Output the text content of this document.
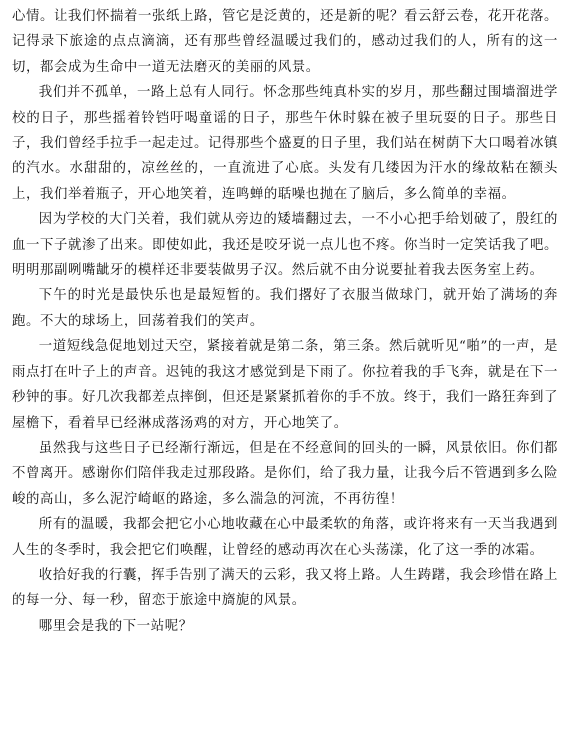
心情。让我们怀揣着一张纸上路，管它是泛黄的，还是新的呢？看云舒云卷，花开花落。记得录下旅途的点点滴滴，还有那些曾经温暖过我们的，感动过我们的人，所有的这一切，都会成为生命中一道无法磨灭的美丽的风景。

我们并不孤单，一路上总有人同行。怀念那些纯真朴实的岁月，那些翻过围墙溜进学校的日子，那些摇着铃铛吁喝童谣的日子，那些午休时躲在被子里玩耍的日子。那些日子，我们曾经手拉手一起走过。记得那些个盛夏的日子里，我们站在树荫下大口喝着冰镇的汽水。水甜甜的，凉丝丝的，一直流进了心底。头发有几缕因为汗水的缘故粘在额头上，我们举着瓶子，开心地笑着，连鸣蝉的聒噪也抛在了脑后，多么简单的幸福。

因为学校的大门关着，我们就从旁边的矮墙翻过去，一不小心把手给划破了，殷红的血一下子就渗了出来。即使如此，我还是咬牙说一点儿也不疼。你当时一定笑话我了吧。明明那副咧嘴龇牙的模样还非要装做男子汉。然后就不由分说要扯着我去医务室上药。

下午的时光是最快乐也是最短暂的。我们撂好了衣服当做球门，就开始了满场的奔跑。不大的球场上，回荡着我们的笑声。

一道短线急促地划过天空，紧接着就是第二条，第三条。然后就听见“啪”的一声，是雨点打在叶子上的声音。迟钝的我这才感觉到是下雨了。你拉着我的手飞奔，就是在下一秒钟的事。好几次我都差点摔倒，但还是紧紧抓着你的手不放。终于，我们一路狂奔到了屋檐下，看着早已经淋成落汤鸡的对方，开心地笑了。

虽然我与这些日子已经渐行渐远，但是在不经意间的回头的一瞬，风景依旧。你们都不曾离开。感谢你们陪伴我走过那段路。是你们，给了我力量，让我今后不管遇到多么险峻的高山，多么泥泞崎岖的路途，多么湍急的河流，不再彷徨！

所有的温暖，我都会把它小心地收藏在心中最柔软的角落，或许将来有一天当我遇到人生的冬季时，我会把它们唤醒，让曾经的感动再次在心头荡漾，化了这一季的冰霜。

收拾好我的行囊，挥手告别了满天的云彩，我又将上路。人生踌躇，我会珍惜在路上的每一分、每一秒，留恋于旅途中旖旎的风景。

哪里会是我的下一站呢？
